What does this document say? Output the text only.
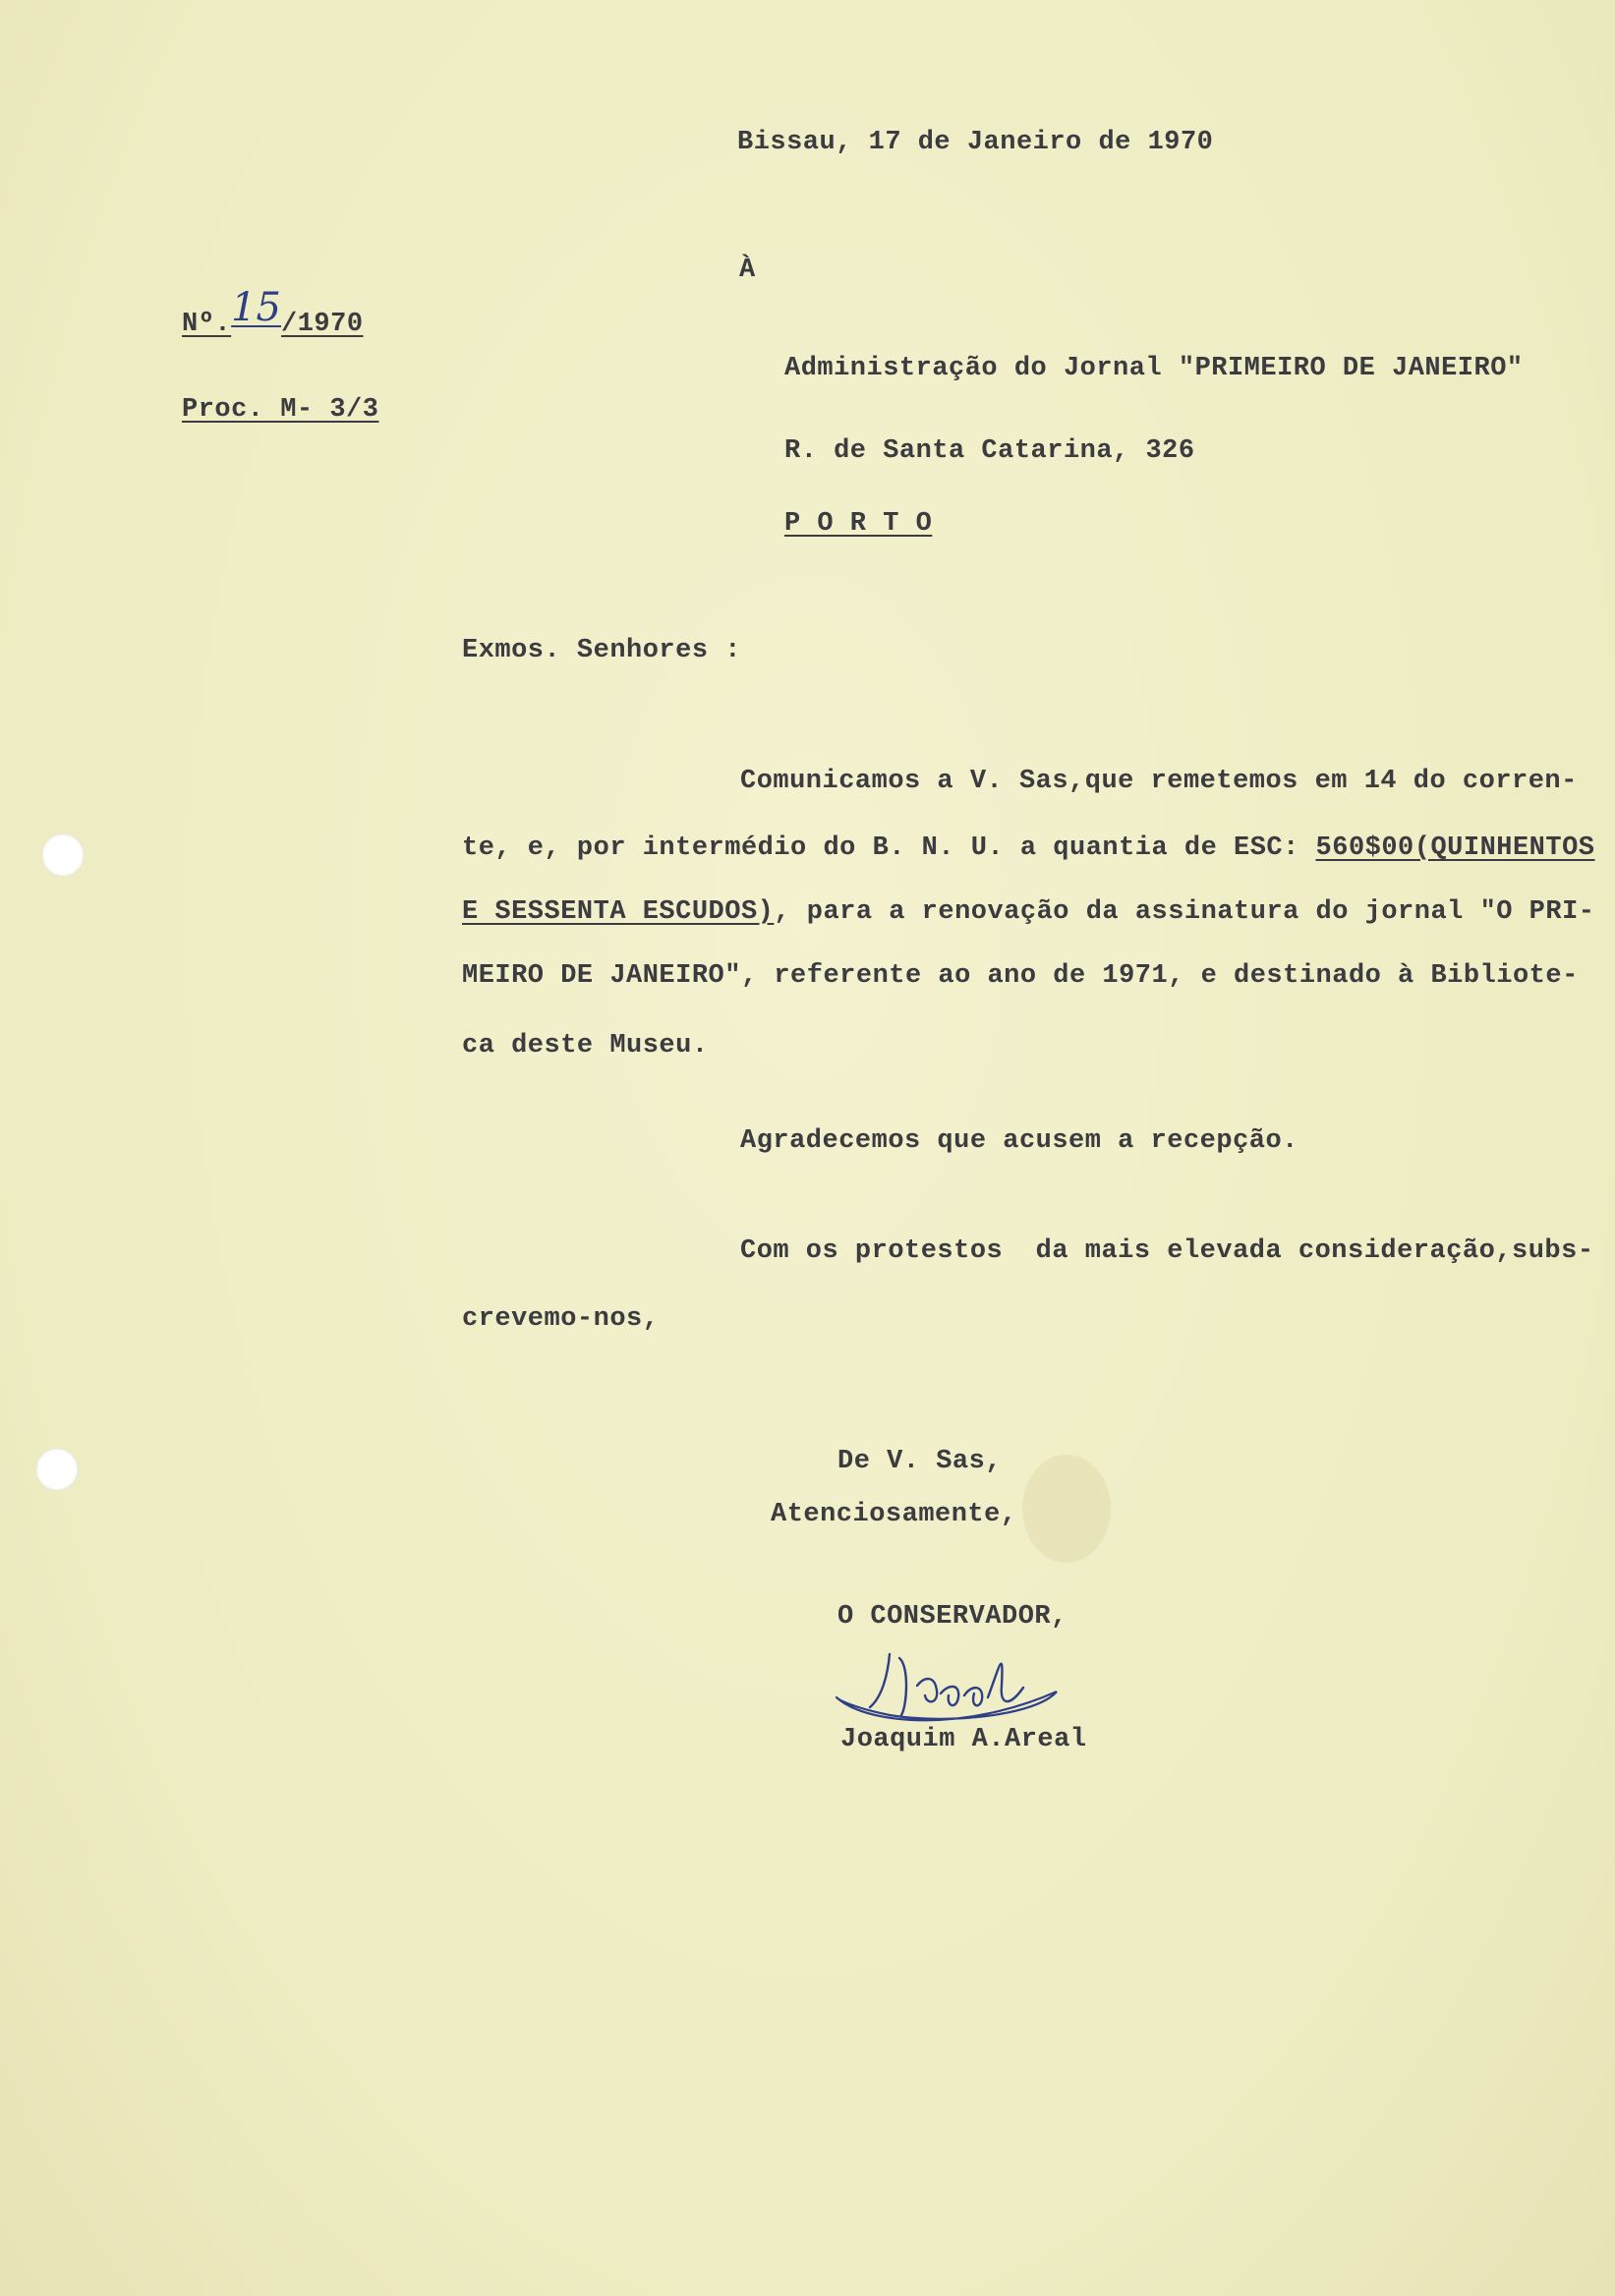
Bissau, 17 de Janeiro de 1970
À
Nº.15/1970
Proc. M- 3/3
Administração do Jornal "PRIMEIRO DE JANEIRO"
R. de Santa Catarina, 326
P O R T O
Exmos. Senhores :
Comunicamos a V. Sas,que remetemos em 14 do corren-
te, e, por intermédio do B. N. U. a quantia de ESC: 560$00(QUINHENTOS
E SESSENTA ESCUDOS), para a renovação da assinatura do jornal "O PRI-
MEIRO DE JANEIRO", referente ao ano de 1971, e destinado à Bibliote-
ca deste Museu.
Agradecemos que acusem a recepção.
Com os protestos  da mais elevada consideração,subs-
crevemo-nos,
De V. Sas,
Atenciosamente,
O CONSERVADOR,
Joaquim A.Areal
